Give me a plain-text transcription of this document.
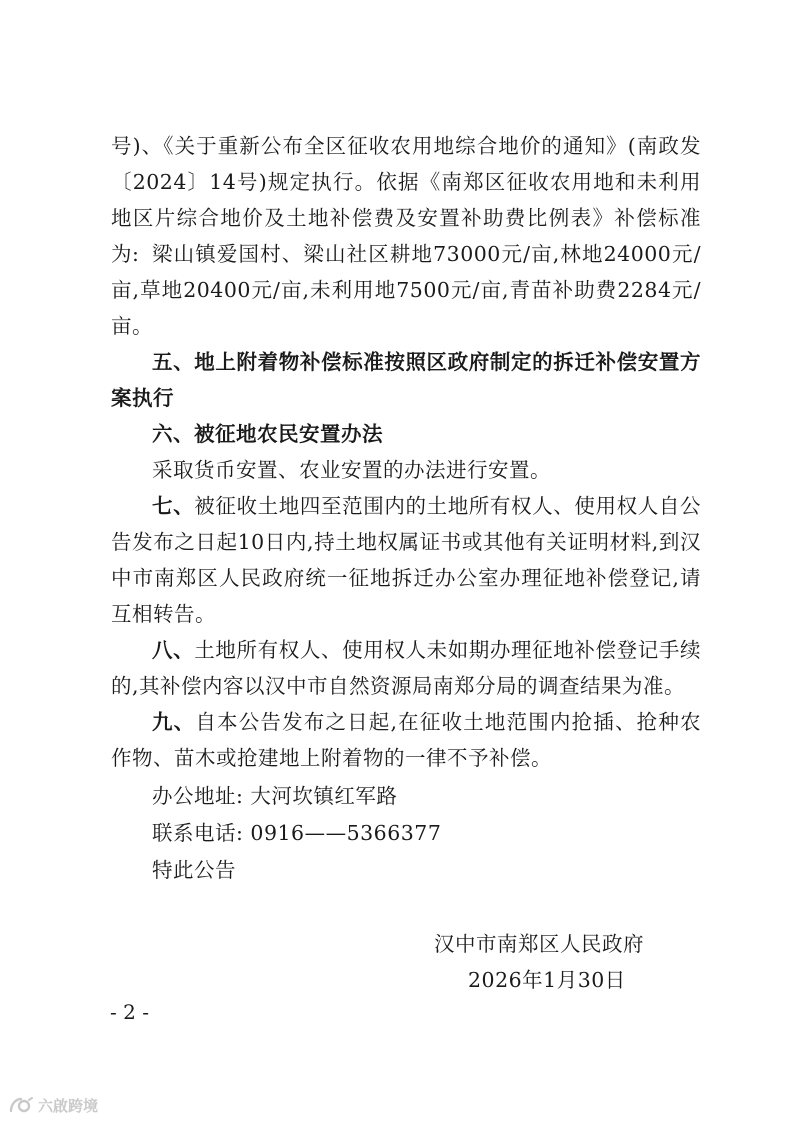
号)、《关于重新公布全区征收农用地综合地价的通知》(南政发〔2024〕14号)规定执行。依据《南郑区征收农用地和未利用地区片综合地价及土地补偿费及安置补助费比例表》补偿标准为: 梁山镇爱国村、梁山社区耕地73000元/亩,林地24000元/亩,草地20400元/亩,未利用地7500元/亩,青苗补助费2284元/亩。

五、地上附着物补偿标准按照区政府制定的拆迁补偿安置方案执行

六、被征地农民安置办法

采取货币安置、农业安置的办法进行安置。

七、被征收土地四至范围内的土地所有权人、使用权人自公告发布之日起10日内,持土地权属证书或其他有关证明材料,到汉中市南郑区人民政府统一征地拆迁办公室办理征地补偿登记,请互相转告。

八、土地所有权人、使用权人未如期办理征地补偿登记手续的,其补偿内容以汉中市自然资源局南郑分局的调查结果为准。

九、自本公告发布之日起,在征收土地范围内抢插、抢种农作物、苗木或抢建地上附着物的一律不予补偿。

办公地址: 大河坎镇红军路

联系电话: 0916——5366377

特此公告

汉中市南郑区人民政府
2026年1月30日
- 2 -
六啟跨境
